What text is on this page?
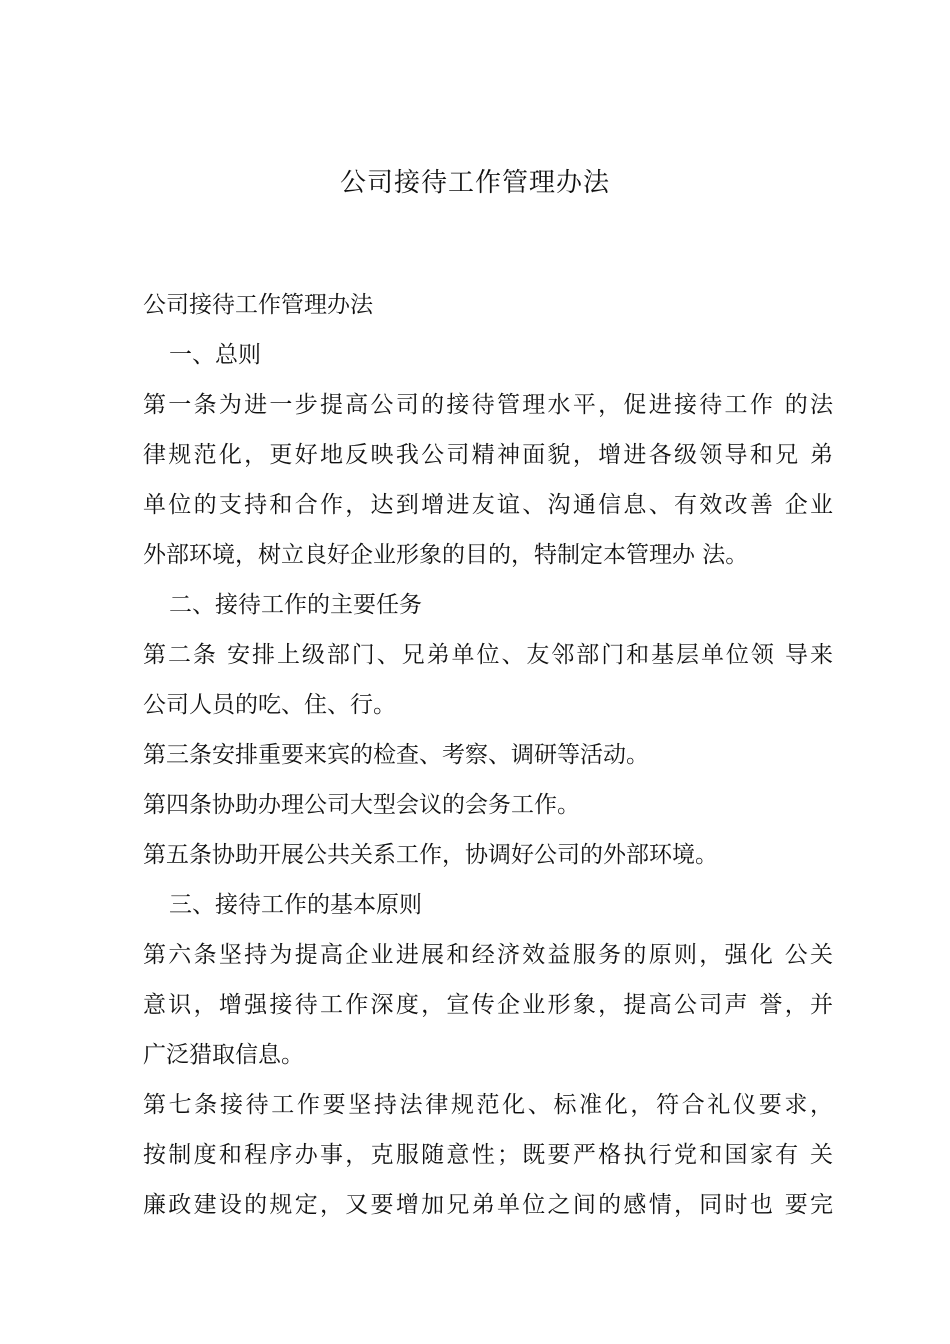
公司接待工作管理办法
公司接待工作管理办法
一、总则
第一条为进一步提高公司的接待管理水平，促进接待工作 的法
律规范化，更好地反映我公司精神面貌，增进各级领导和兄 弟
单位的支持和合作，达到增进友谊、沟通信息、有效改善 企业
外部环境，树立良好企业形象的目的，特制定本管理办 法。
二、接待工作的主要任务
第二条 安排上级部门、兄弟单位、友邻部门和基层单位领 导来
公司人员的吃、住、行。
第三条安排重要来宾的检查、考察、调研等活动。
第四条协助办理公司大型会议的会务工作。
第五条协助开展公共关系工作，协调好公司的外部环境。
三、接待工作的基本原则
第六条坚持为提高企业进展和经济效益服务的原则，强化 公关
意识，增强接待工作深度，宣传企业形象，提高公司声 誉，并
广泛猎取信息。
第七条接待工作要坚持法律规范化、标准化，符合礼仪要求，
按制度和程序办事，克服随意性；既要严格执行党和国家有 关
廉政建设的规定，又要增加兄弟单位之间的感情，同时也 要完
